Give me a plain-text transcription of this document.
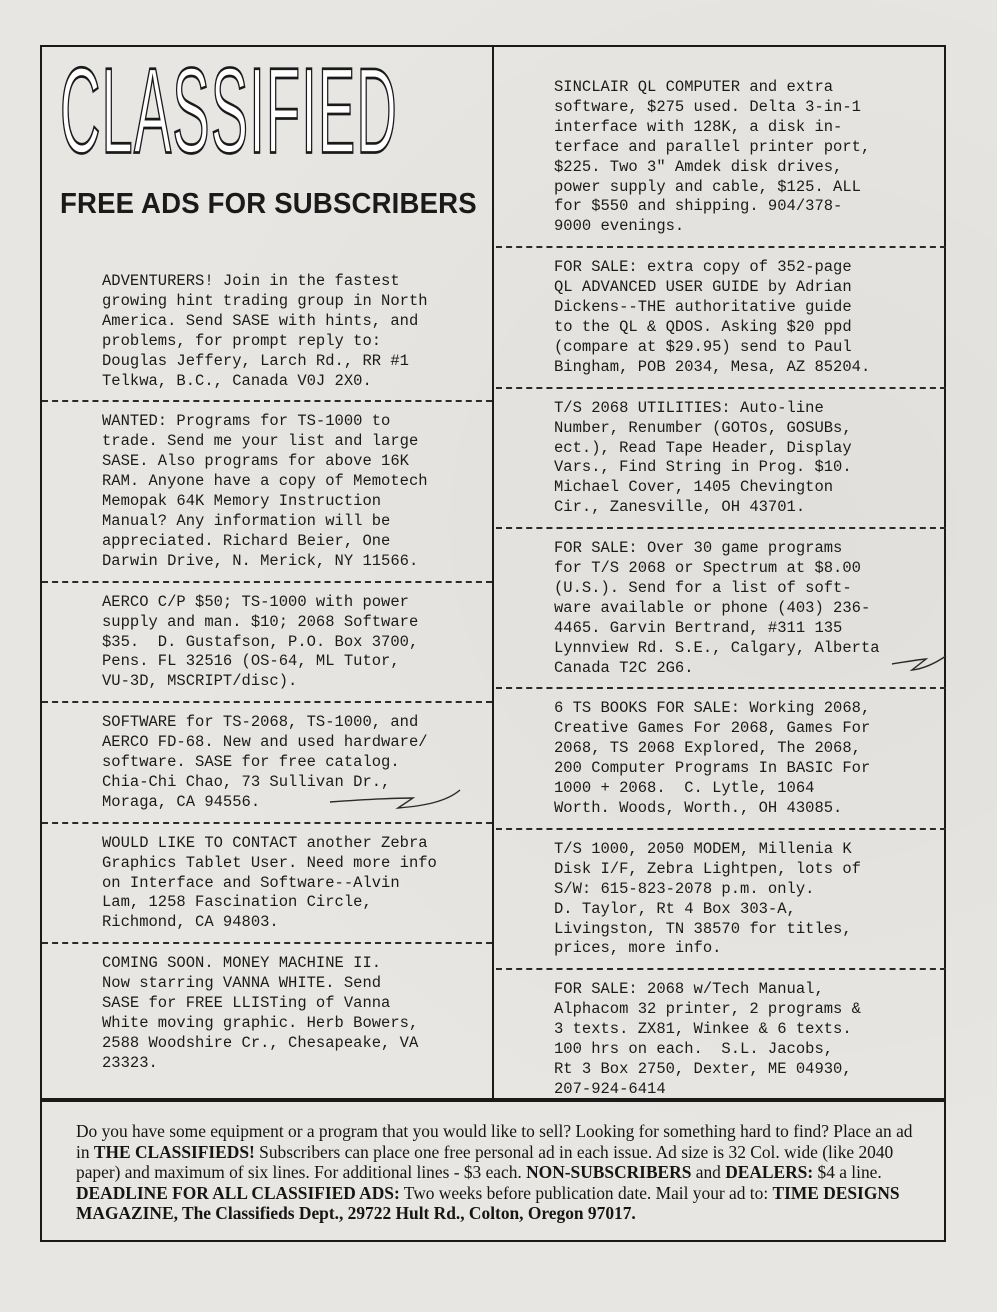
CLASSIFIED
FREE ADS FOR SUBSCRIBERS
ADVENTURERS! Join in the fastest
growing hint trading group in North
America. Send SASE with hints, and
problems, for prompt reply to:
Douglas Jeffery, Larch Rd., RR #1
Telkwa, B.C., Canada V0J 2X0.
WANTED: Programs for TS-1000 to
trade. Send me your list and large
SASE. Also programs for above 16K
RAM. Anyone have a copy of Memotech
Memopak 64K Memory Instruction
Manual? Any information will be
appreciated. Richard Beier, One
Darwin Drive, N. Merick, NY 11566.
AERCO C/P $50; TS-1000 with power
supply and man. $10; 2068 Software
$35.  D. Gustafson, P.O. Box 3700,
Pens. FL 32516 (OS-64, ML Tutor,
VU-3D, MSCRIPT/disc).
SOFTWARE for TS-2068, TS-1000, and
AERCO FD-68. New and used hardware/
software. SASE for free catalog.
Chia-Chi Chao, 73 Sullivan Dr.,
Moraga, CA 94556.
WOULD LIKE TO CONTACT another Zebra
Graphics Tablet User. Need more info
on Interface and Software--Alvin
Lam, 1258 Fascination Circle,
Richmond, CA 94803.
COMING SOON. MONEY MACHINE II.
Now starring VANNA WHITE. Send
SASE for FREE LLISTing of Vanna
White moving graphic. Herb Bowers,
2588 Woodshire Cr., Chesapeake, VA
23323.
SINCLAIR QL COMPUTER and extra
software, $275 used. Delta 3-in-1
interface with 128K, a disk in-
terface and parallel printer port,
$225. Two 3" Amdek disk drives,
power supply and cable, $125. ALL
for $550 and shipping. 904/378-
9000 evenings.
FOR SALE: extra copy of 352-page
QL ADVANCED USER GUIDE by Adrian
Dickens--THE authoritative guide
to the QL & QDOS. Asking $20 ppd
(compare at $29.95) send to Paul
Bingham, POB 2034, Mesa, AZ 85204.
T/S 2068 UTILITIES: Auto-line
Number, Renumber (GOTOs, GOSUBs,
ect.), Read Tape Header, Display
Vars., Find String in Prog. $10.
Michael Cover, 1405 Chevington
Cir., Zanesville, OH 43701.
FOR SALE: Over 30 game programs
for T/S 2068 or Spectrum at $8.00
(U.S.). Send for a list of soft-
ware available or phone (403) 236-
4465. Garvin Bertrand, #311 135
Lynnview Rd. S.E., Calgary, Alberta
Canada T2C 2G6.
6 TS BOOKS FOR SALE: Working 2068,
Creative Games For 2068, Games For
2068, TS 2068 Explored, The 2068,
200 Computer Programs In BASIC For
1000 + 2068.  C. Lytle, 1064
Worth. Woods, Worth., OH 43085.
T/S 1000, 2050 MODEM, Millenia K
Disk I/F, Zebra Lightpen, lots of
S/W: 615-823-2078 p.m. only.
D. Taylor, Rt 4 Box 303-A,
Livingston, TN 38570 for titles,
prices, more info.
FOR SALE: 2068 w/Tech Manual,
Alphacom 32 printer, 2 programs &
3 texts. ZX81, Winkee & 6 texts.
100 hrs on each.  S.L. Jacobs,
Rt 3 Box 2750, Dexter, ME 04930,
207-924-6414
Do you have some equipment or a program that you would like to sell? Looking for something hard to find? Place an ad in THE CLASSIFIEDS! Subscribers can place one free personal ad in each issue. Ad size is 32 Col. wide (like 2040 paper) and maximum of six lines. For additional lines - $3 each. NON-SUBSCRIBERS and DEALERS: $4 a line. DEADLINE FOR ALL CLASSIFIED ADS: Two weeks before publication date. Mail your ad to: TIME DESIGNS MAGAZINE, The Classifieds Dept., 29722 Hult Rd., Colton, Oregon 97017.
